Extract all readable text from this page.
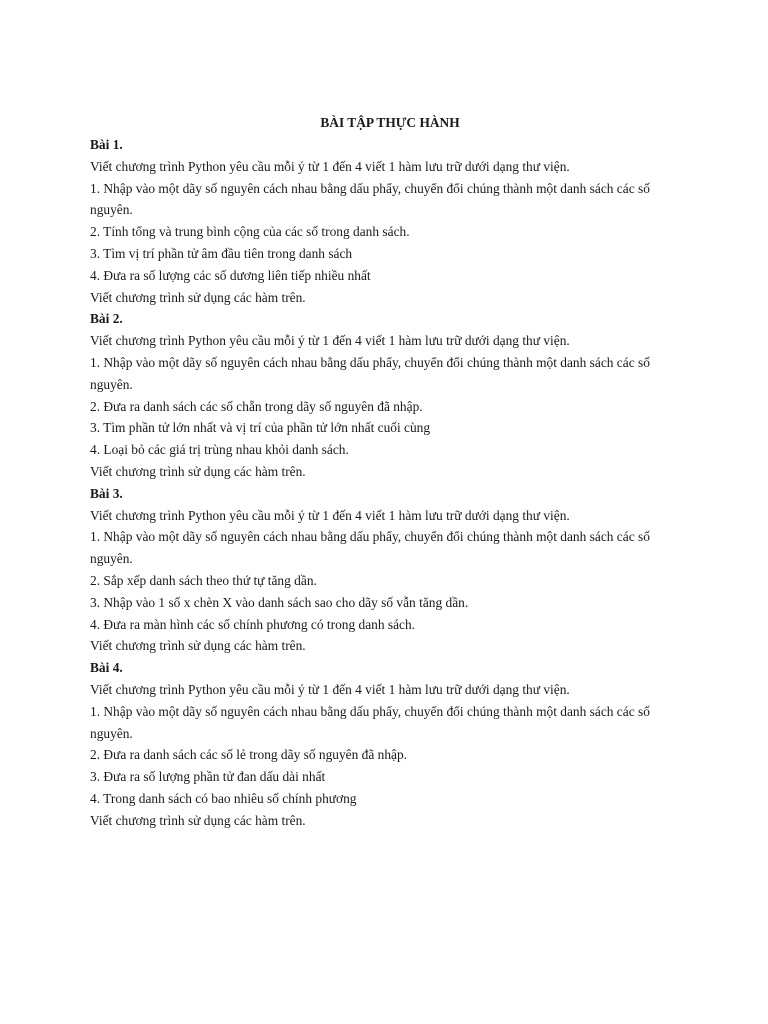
BÀI TẬP THỰC HÀNH
Bài 1.
Viết chương trình Python yêu cầu mỗi ý từ 1 đến 4 viết 1 hàm lưu trữ dưới dạng thư viện.
1. Nhập vào một dãy số nguyên cách nhau bằng dấu phẩy, chuyển đổi chúng thành một danh sách các số nguyên.
2. Tính tổng và trung bình cộng của các số trong danh sách.
3. Tìm vị trí phần tử âm đầu tiên trong danh sách
4. Đưa ra số lượng các số dương liên tiếp nhiều nhất
Viết chương trình sử dụng các hàm trên.
Bài 2.
Viết chương trình Python yêu cầu mỗi ý từ 1 đến 4 viết 1 hàm lưu trữ dưới dạng thư viện.
1. Nhập vào một dãy số nguyên cách nhau bằng dấu phẩy, chuyển đổi chúng thành một danh sách các số nguyên.
2. Đưa ra danh sách các số chẵn trong dãy số nguyên đã nhập.
3. Tìm phần tử lớn nhất và vị trí của phần tử lớn nhất cuối cùng
4. Loại bỏ các giá trị trùng nhau khỏi danh sách.
Viết chương trình sử dụng các hàm trên.
Bài 3.
Viết chương trình Python yêu cầu mỗi ý từ 1 đến 4 viết 1 hàm lưu trữ dưới dạng thư viện.
1. Nhập vào một dãy số nguyên cách nhau bằng dấu phẩy, chuyển đổi chúng thành một danh sách các số nguyên.
2. Sắp xếp danh sách theo thứ tự tăng dần.
3. Nhập vào 1 số x chèn X vào danh sách sao cho dãy số vẫn tăng dần.
4. Đưa ra màn hình các số chính phương có trong danh sách.
Viết chương trình sử dụng các hàm trên.
Bài 4.
Viết chương trình Python yêu cầu mỗi ý từ 1 đến 4 viết 1 hàm lưu trữ dưới dạng thư viện.
1. Nhập vào một dãy số nguyên cách nhau bằng dấu phẩy, chuyển đổi chúng thành một danh sách các số nguyên.
2. Đưa ra danh sách các số lẻ trong dãy số nguyên đã nhập.
3. Đưa ra số lượng phần tử đan dấu dài nhất
4. Trong danh sách có bao nhiêu số chính phương
Viết chương trình sử dụng các hàm trên.
